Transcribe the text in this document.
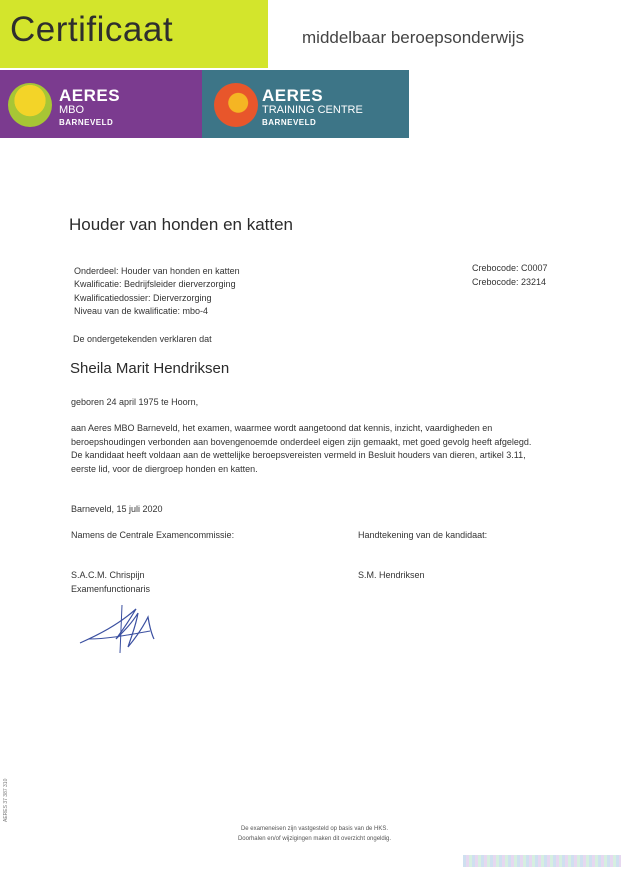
Certificaat	middelbaar beroepsonderwijs
AERES
MBO
BARNEVELD
AERES
TRAINING CENTRE
BARNEVELD
Houder van honden en katten
Onderdeel: Houder van honden en katten
Kwalificatie: Bedrijfsleider dierverzorging
Kwalificatiedossier: Dierverzorging
Niveau van de kwalificatie: mbo-4
Crebocode: C0007
Crebocode: 23214
De ondergetekenden verklaren dat
Sheila Marit Hendriksen
geboren 24 april 1975 te Hoorn,

aan Aeres MBO Barneveld, het examen, waarmee wordt aangetoond dat kennis, inzicht, vaardigheden en beroepshoudingen verbonden aan bovengenoemde onderdeel eigen zijn gemaakt, met goed gevolg heeft afgelegd. De kandidaat heeft voldaan aan de wettelijke beroepsvereisten vermeld in Besluit houders van dieren, artikel 3.11, eerste lid, voor de diergroep honden en katten.

Barneveld, 15 juli 2020
Namens de Centrale Examencommissie:	Handtekening van de kandidaat:
S.A.C.M. Chrispijn
Examenfunctionaris
S.M. Hendriksen
AERES 37 387 310
De exameneisen zijn vastgesteld op basis van de HKS.
Doorhalen en/of wijzigingen maken dit overzicht ongeldig.
